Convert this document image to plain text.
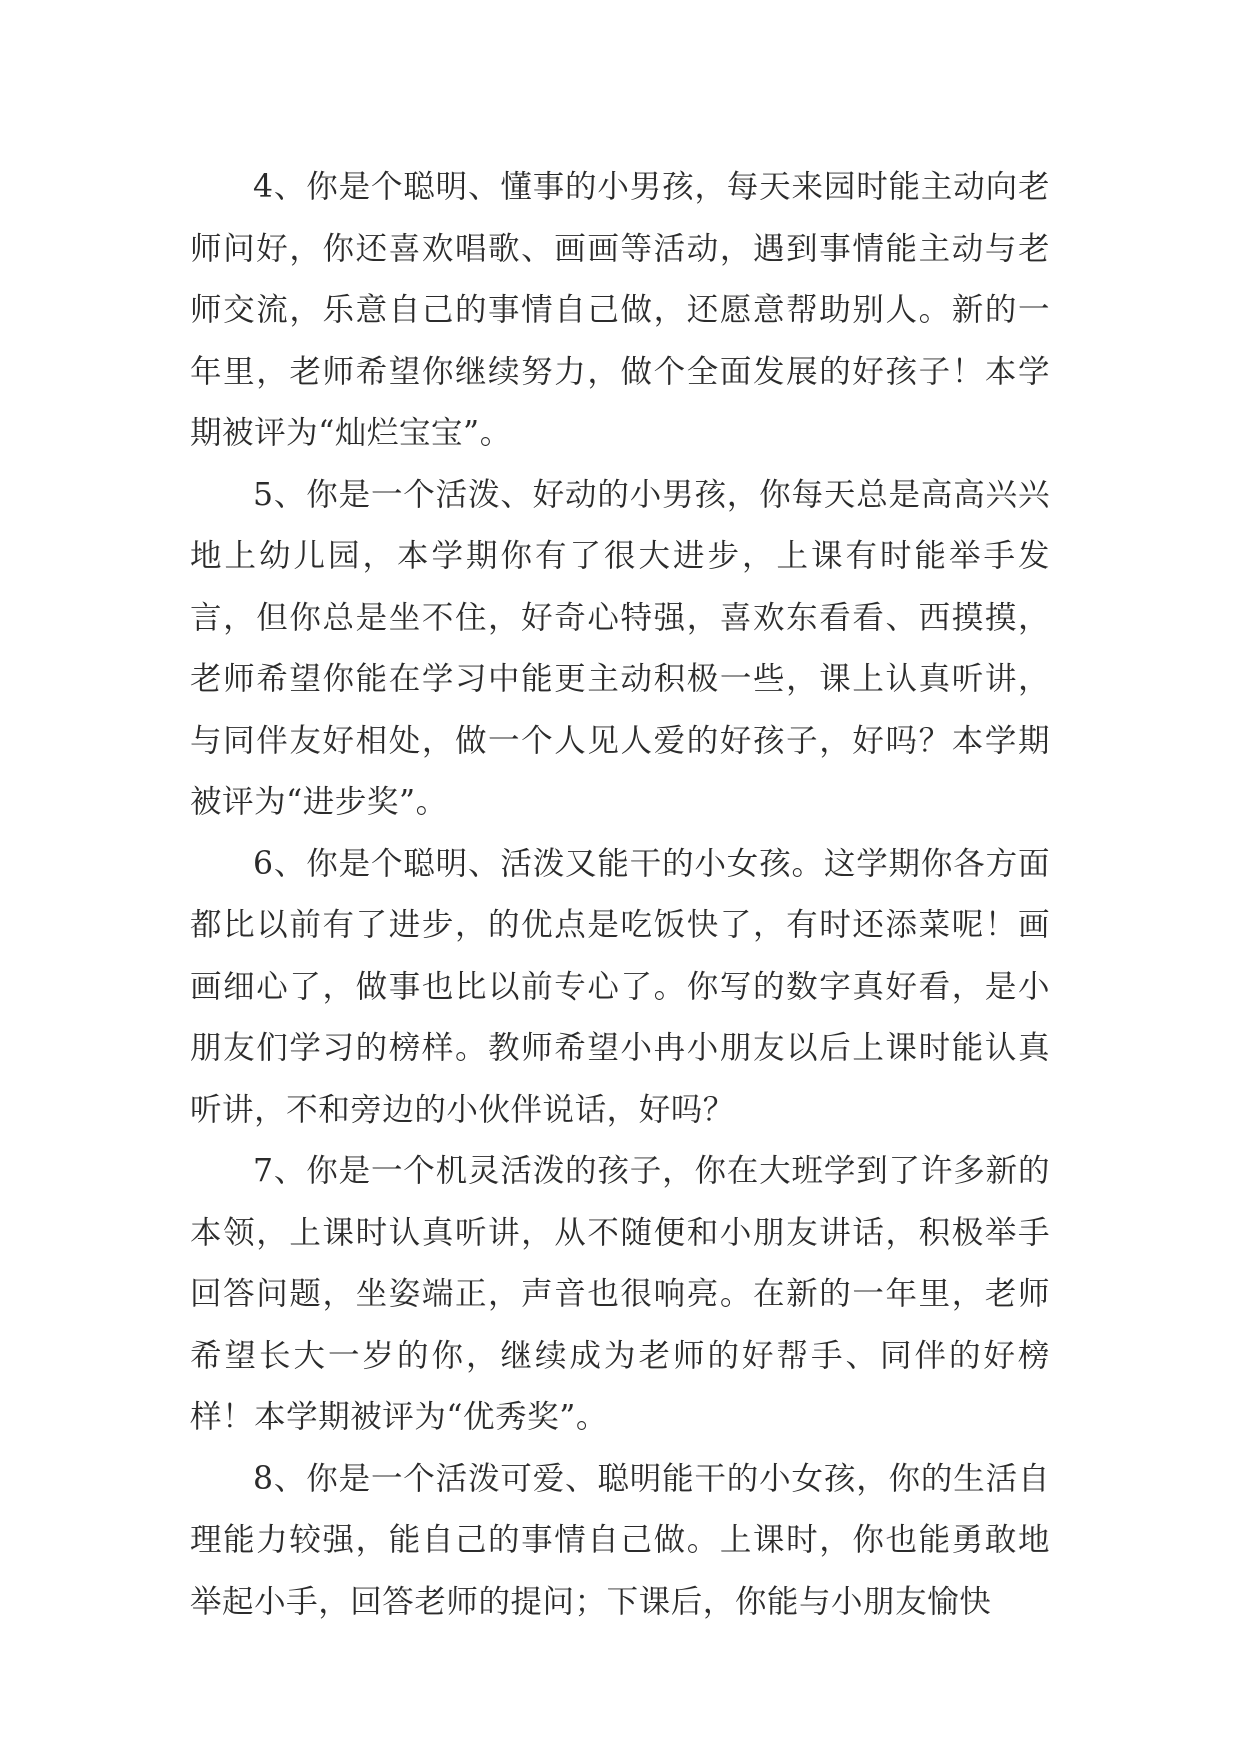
4、你是个聪明、懂事的小男孩，每天来园时能主动向老师问好，你还喜欢唱歌、画画等活动，遇到事情能主动与老师交流，乐意自己的事情自己做，还愿意帮助别人。新的一年里，老师希望你继续努力，做个全面发展的好孩子！本学期被评为“灿烂宝宝”。

5、你是一个活泼、好动的小男孩，你每天总是高高兴兴地上幼儿园，本学期你有了很大进步，上课有时能举手发言，但你总是坐不住，好奇心特强，喜欢东看看、西摸摸，老师希望你能在学习中能更主动积极一些，课上认真听讲，与同伴友好相处，做一个人见人爱的好孩子，好吗？本学期被评为“进步奖”。

6、你是个聪明、活泼又能干的小女孩。这学期你各方面都比以前有了进步，的优点是吃饭快了，有时还添菜呢！画画细心了，做事也比以前专心了。你写的数字真好看，是小朋友们学习的榜样。教师希望小冉小朋友以后上课时能认真听讲，不和旁边的小伙伴说话，好吗？

7、你是一个机灵活泼的孩子，你在大班学到了许多新的本领，上课时认真听讲，从不随便和小朋友讲话，积极举手回答问题，坐姿端正，声音也很响亮。在新的一年里，老师希望长大一岁的你，继续成为老师的好帮手、同伴的好榜样！本学期被评为“优秀奖”。

8、你是一个活泼可爱、聪明能干的小女孩，你的生活自理能力较强，能自己的事情自己做。上课时，你也能勇敢地举起小手，回答老师的提问；下课后，你能与小朋友愉快
